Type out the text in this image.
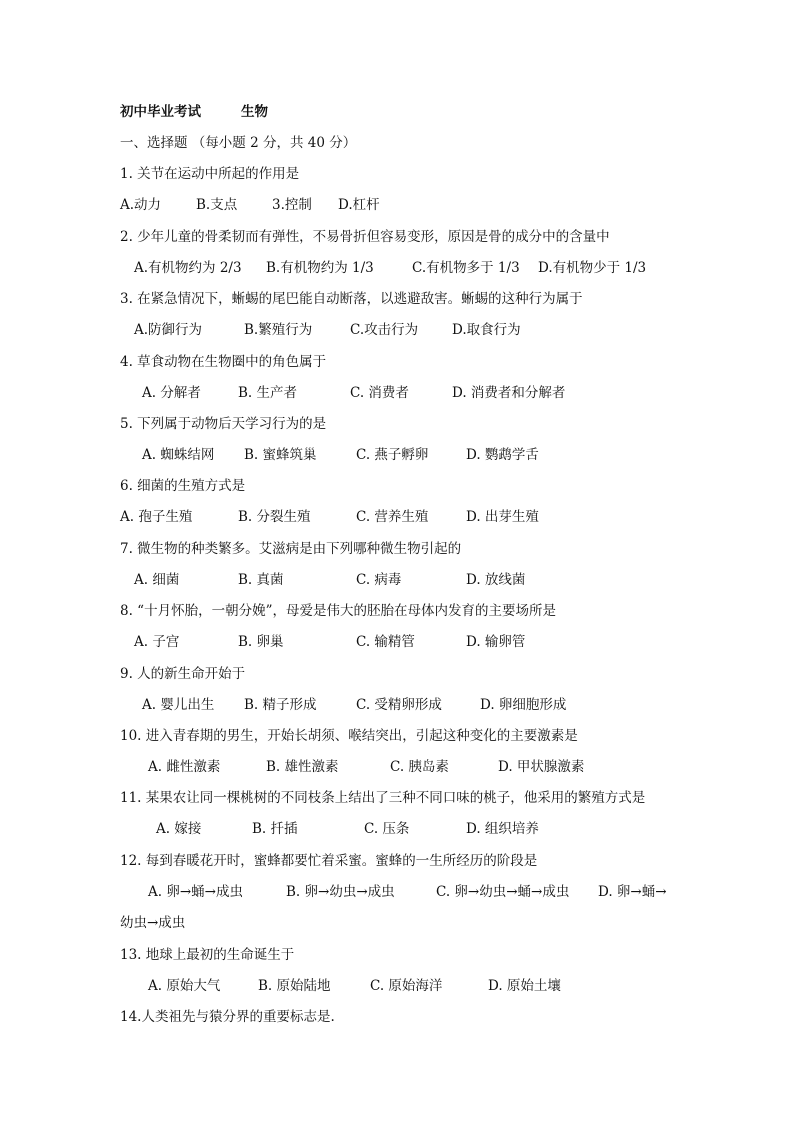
初中毕业考试	生物
一、选择题 （每小题 2 分，共 40 分）
1. 关节在运动中所起的作用是
A.动力	B.支点	3.控制 D.杠杆
2. 少年儿童的骨柔韧而有弹性，不易骨折但容易变形，原因是骨的成分中的含量中
A.有机物约为 2/3 B.有机物约为 1/3	C.有机物多于 1/3 D.有机物少于 1/3
3. 在紧急情况下，蜥蜴的尾巴能自动断落，以逃避敌害。蜥蜴的这种行为属于
A.防御行为	B.繁殖行为	C.攻击行为	D.取食行为
4. 草食动物在生物圈中的角色属于
A. 分解者	B. 生产者	C. 消费者	D. 消费者和分解者
5. 下列属于动物后天学习行为的是
A. 蜘蛛结网 B. 蜜蜂筑巢	C. 燕子孵卵	D. 鹦鹉学舌
6. 细菌的生殖方式是
A. 孢子生殖	B. 分裂生殖	C. 营养生殖	D. 出芽生殖
7. 微生物的种类繁多。艾滋病是由下列哪种微生物引起的
A. 细菌	B. 真菌	C. 病毒	D. 放线菌
8. “十月怀胎，一朝分娩”，母爱是伟大的胚胎在母体内发育的主要场所是
A. 子宫	B. 卵巢	C. 输精管	D. 输卵管
9. 人的新生命开始于
A. 婴儿出生 B. 精子形成	C. 受精卵形成	D. 卵细胞形成
10. 进入青春期的男生，开始长胡须、喉结突出，引起这种变化的主要激素是
A. 雌性激素	B. 雄性激素	C. 胰岛素	D. 甲状腺激素
11. 某果农让同一棵桃树的不同枝条上结出了三种不同口味的桃子，他采用的繁殖方式是
A. 嫁接	B. 扦插	C. 压条	D. 组织培养
12. 每到春暖花开时，蜜蜂都要忙着采蜜。蜜蜂的一生所经历的阶段是
A. 卵→蛹→成虫	B. 卵→幼虫→成虫	C. 卵→幼虫→蛹→成虫 D. 卵→蛹→
幼虫→成虫
13. 地球上最初的生命诞生于
A. 原始大气	B. 原始陆地	C. 原始海洋	D. 原始土壤
14.人类祖先与猿分界的重要标志是.
